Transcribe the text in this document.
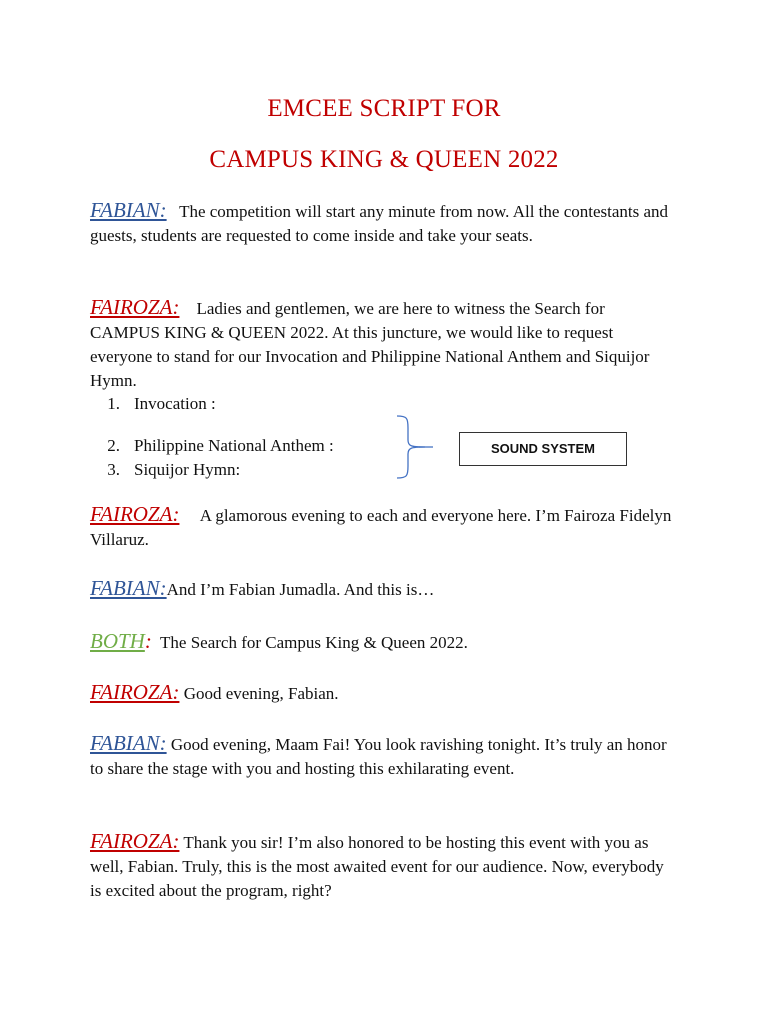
EMCEE SCRIPT FOR
CAMPUS KING & QUEEN 2022

FABIAN: The competition will start any minute from now. All the contestants and guests, students are requested to come inside and take your seats.

FAIROZA: Ladies and gentlemen, we are here to witness the Search for CAMPUS KING & QUEEN 2022. At this juncture, we would like to request everyone to stand for our Invocation and Philippine National Anthem and Siquijor Hymn.

1. Invocation :
2. Philippine National Anthem :
3. Siquijor Hymn:
SOUND SYSTEM

FAIROZA: A glamorous evening to each and everyone here. I’m Fairoza Fidelyn Villaruz.

FABIAN:And I’m Fabian Jumadla. And this is…

BOTH: The Search for Campus King & Queen 2022.

FAIROZA: Good evening, Fabian.

FABIAN: Good evening, Maam Fai! You look ravishing tonight. It’s truly an honor to share the stage with you and hosting this exhilarating event.

FAIROZA: Thank you sir! I’m also honored to be hosting this event with you as well, Fabian. Truly, this is the most awaited event for our audience. Now, everybody is excited about the program, right?
